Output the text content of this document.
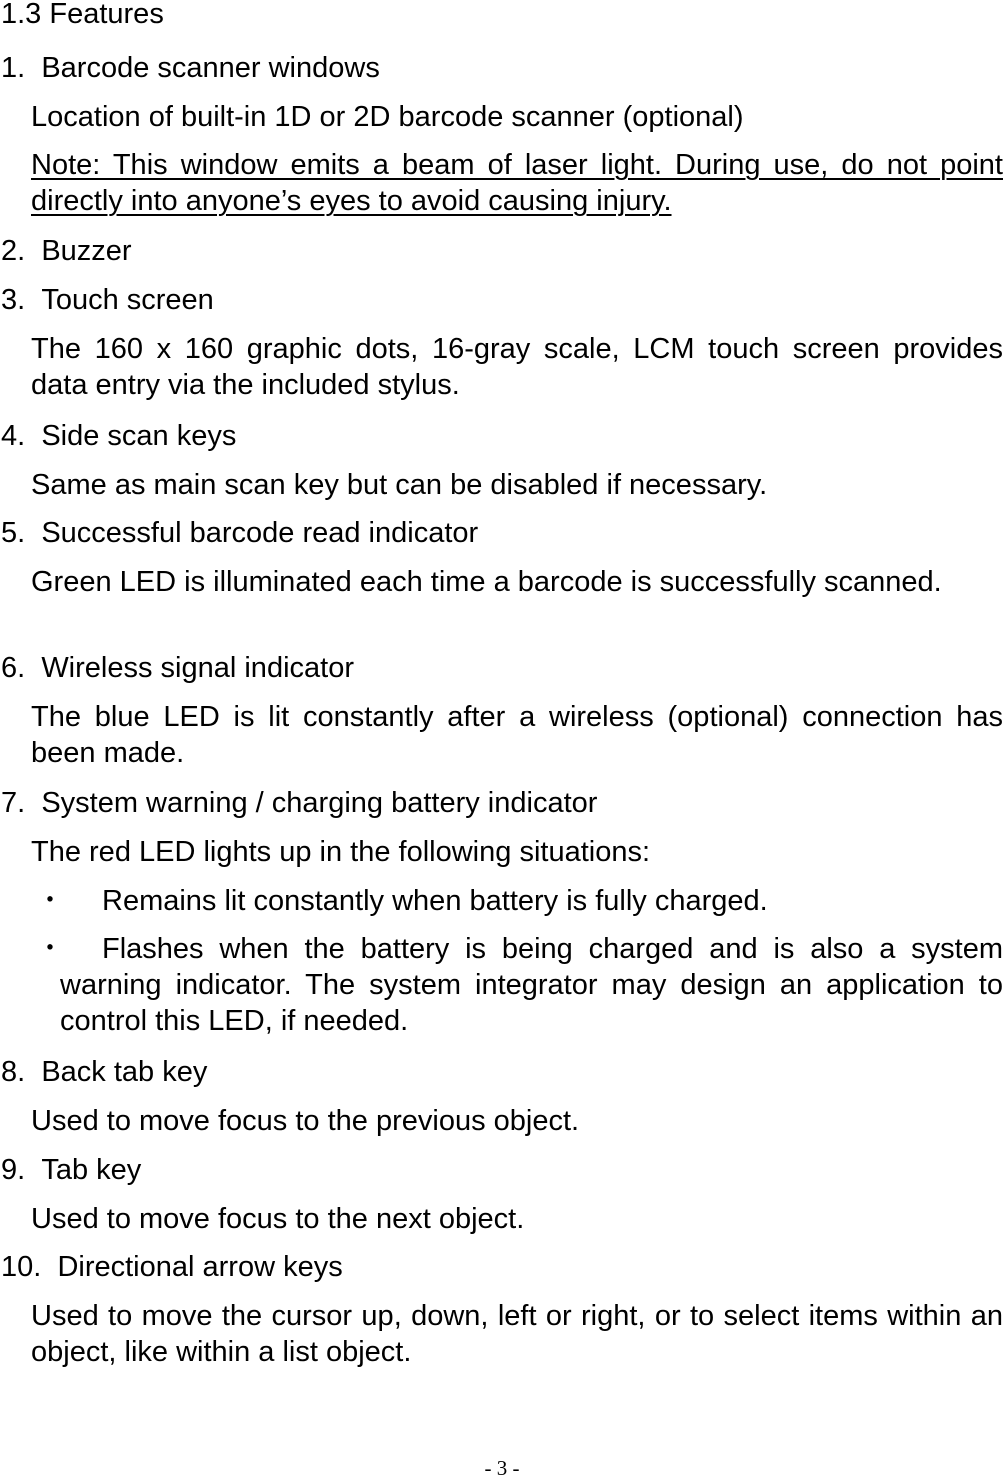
1.3 Features
1. Barcode scanner windows
Location of built-in 1D or 2D barcode scanner (optional)
Note: This window emits a beam of laser light. During use, do not point directly into anyone’s eyes to avoid causing injury.
2. Buzzer
3. Touch screen
The 160 x 160 graphic dots, 16-gray scale, LCM touch screen provides data entry via the included stylus.
4. Side scan keys
Same as main scan key but can be disabled if necessary.
5. Successful barcode read indicator
Green LED is illuminated each time a barcode is successfully scanned.
6. Wireless signal indicator
The blue LED is lit constantly after a wireless (optional) connection has been made.
7. System warning / charging battery indicator
The red LED lights up in the following situations:
・	Remains lit constantly when battery is fully charged.
・	Flashes when the battery is being charged and is also a system warning indicator. The system integrator may design an application to control this LED, if needed.
8. Back tab key
Used to move focus to the previous object.
9. Tab key
Used to move focus to the next object.
10. Directional arrow keys
Used to move the cursor up, down, left or right, or to select items within an object, like within a list object.
- 3 -
